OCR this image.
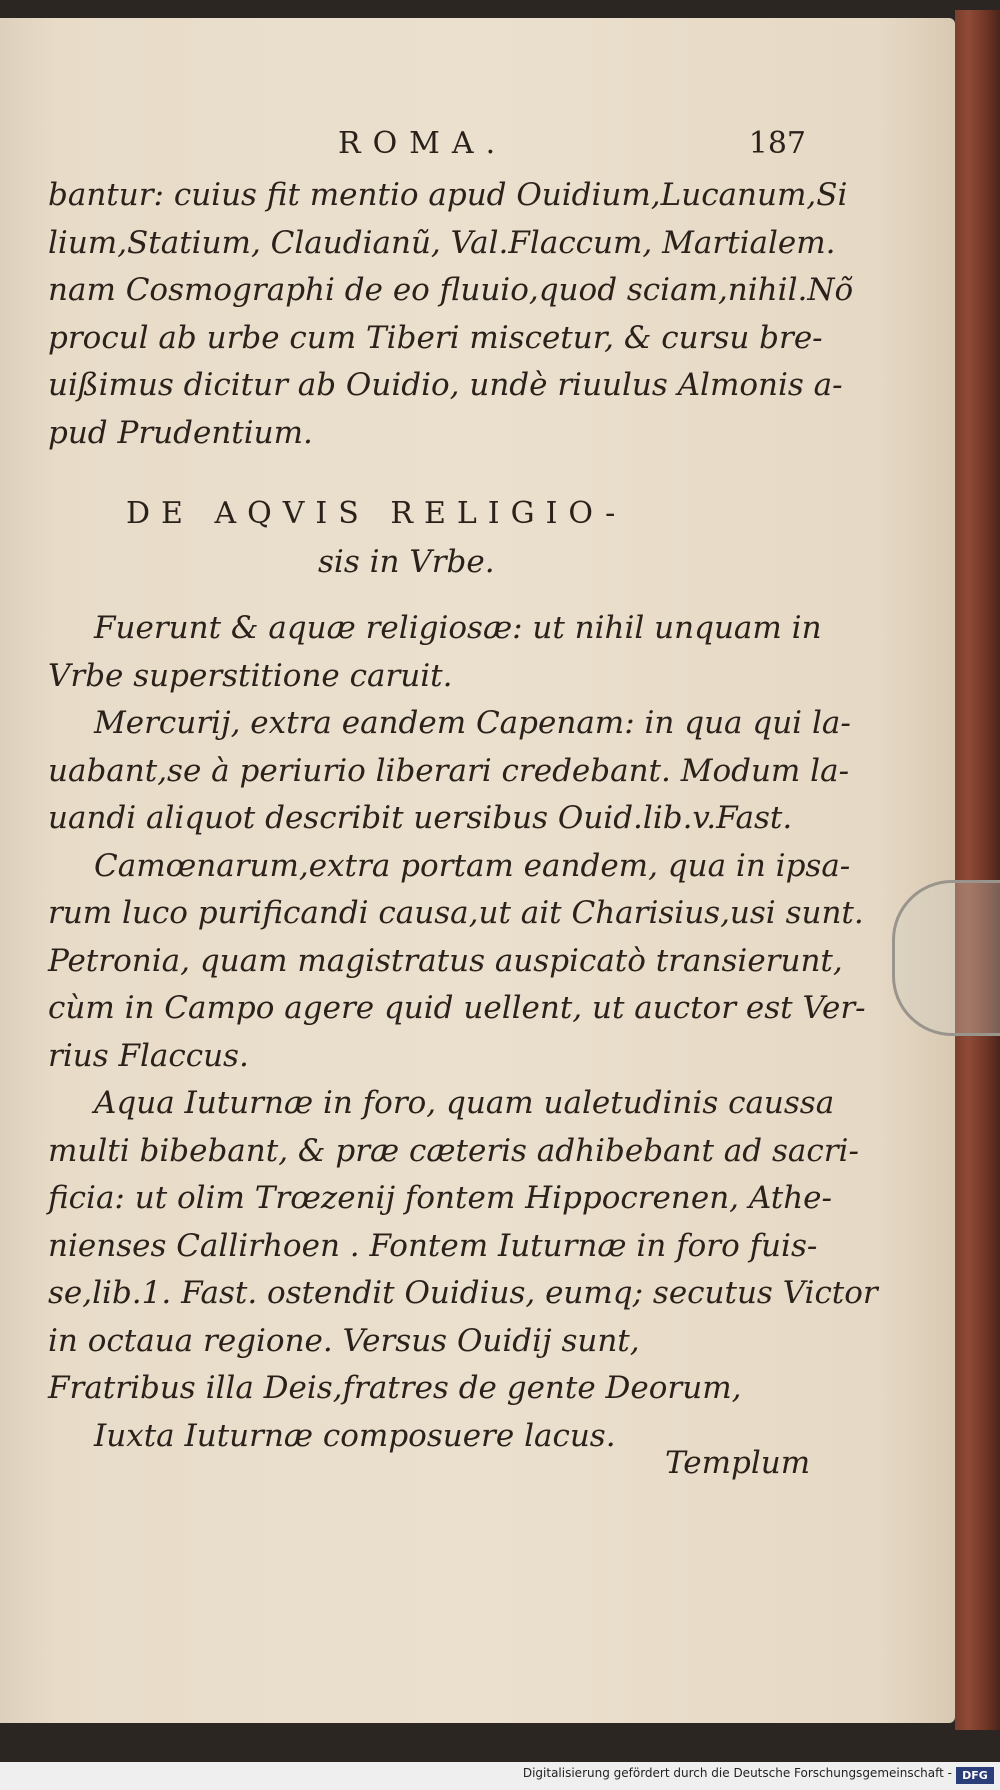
ROMA.	187
bantur: cuius fit mentio apud Ouidium,Lucanum,Si
lium,Statium, Claudianũ, Val.Flaccum, Martialem.
nam Cosmographi de eo fluuio,quod sciam,nihil.Nõ
procul ab urbe cum Tiberi miscetur, & cursu bre-
uißimus dicitur ab Ouidio, undè riuulus Almonis a-
pud Prudentium.
DE AQVIS RELIGIO-
sis in Vrbe.
Fuerunt & aquæ religiosæ: ut nihil unquam in
Vrbe superstitione caruit.
Mercurij, extra eandem Capenam: in qua qui la-
uabant,se à periurio liberari credebant. Modum la-
uandi aliquot describit uersibus Ouid.lib.v.Fast.
Camœnarum,extra portam eandem, qua in ipsa-
rum luco purificandi causa,ut ait Charisius,usi sunt.
Petronia, quam magistratus auspicatò transierunt,
cùm in Campo agere quid uellent, ut auctor est Ver-
rius Flaccus.
Aqua Iuturnæ in foro, quam ualetudinis caussa
multi bibebant, & præ cæteris adhibebant ad sacri-
ficia: ut olim Trœzenij fontem Hippocrenen, Athe-
nienses Callirhoen . Fontem Iuturnæ in foro fuis-
se,lib.1. Fast. ostendit Ouidius, eumq; secutus Victor
in octaua regione. Versus Ouidij sunt,
Fratribus illa Deis,fratres de gente Deorum,
Iuxta Iuturnæ composuere lacus.
Templum
Digitalisierung gefördert durch die Deutsche Forschungsgemeinschaft - DFG
